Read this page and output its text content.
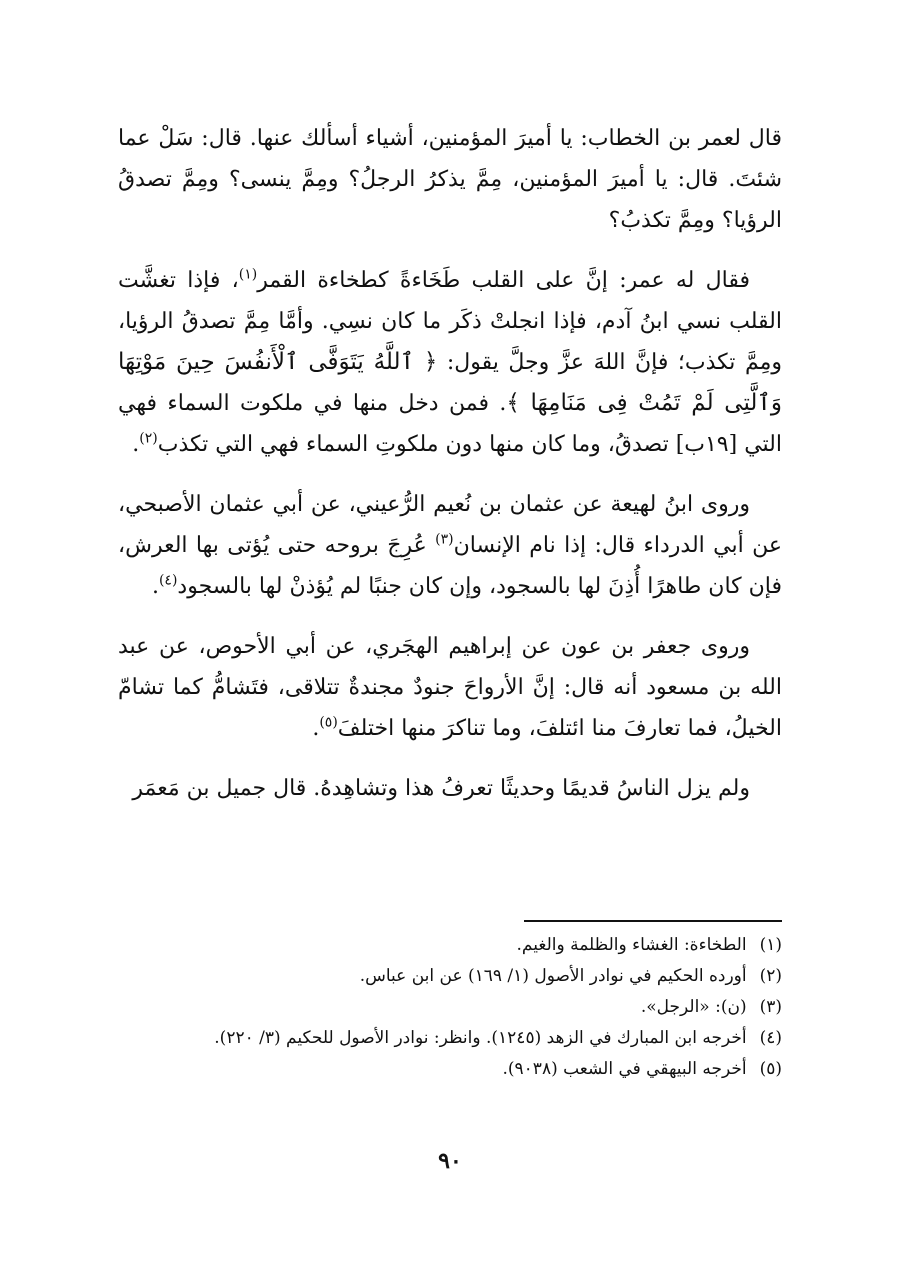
قال لعمر بن الخطاب: يا أميرَ المؤمنين، أشياء أسألك عنها. قال: سَلْ عما شئتَ. قال: يا أميرَ المؤمنين، مِمَّ يذكرُ الرجلُ؟ ومِمَّ ينسى؟ ومِمَّ تصدقُ الرؤيا؟ ومِمَّ تكذبُ؟

فقال له عمر: إنَّ على القلب طَخَاءةً كطخاءة القمر$^{(١)}$، فإذا تغشَّت القلب نسي ابنُ آدم، فإذا انجلتْ ذكَر ما كان نسِي. وأمَّا مِمَّ تصدقُ الرؤيا، ومِمَّ تكذب؛ فإنَّ اللهَ عزَّ وجلَّ يقول: ﴿ ٱللَّهُ يَتَوَفَّى ٱلْأَنفُسَ حِينَ مَوْتِهَا وَٱلَّتِى لَمْ تَمُتْ فِى مَنَامِهَا ﴾. فمن دخل منها في ملكوت السماء فهي التي [١٩ب] تصدقُ، وما كان منها دون ملكوتِ السماء فهي التي تكذب$^{(٢)}$.

وروى ابنُ لهيعة عن عثمان بن نُعيم الرُّعيني، عن أبي عثمان الأصبحي، عن أبي الدرداء قال: إذا نام الإنسان$^{(٣)}$ عُرِجَ بروحه حتى يُؤتى بها العرش، فإن كان طاهرًا أُذِنَ لها بالسجود، وإن كان جنبًا لم يُؤذنْ لها بالسجود$^{(٤)}$.

وروى جعفر بن عون عن إبراهيم الهجَري، عن أبي الأحوص، عن عبد الله بن مسعود أنه قال: إنَّ الأرواحَ جنودٌ مجندةٌ تتلاقى، فتَشامُّ كما تشامّ الخيلُ، فما تعارفَ منا ائتلفَ، وما تناكرَ منها اختلفَ$^{(٥)}$.

ولم يزل الناسُ قديمًا وحديثًا تعرفُ هذا وتشاهِدهُ. قال جميل بن مَعمَر

(١) الطخاءة: الغشاء والظلمة والغيم.

(٢) أورده الحكيم في نوادر الأصول (١/ ١٦٩) عن ابن عباس.

(٣) (ن): «الرجل».

(٤) أخرجه ابن المبارك في الزهد (١٢٤٥). وانظر: نوادر الأصول للحكيم (٣/ ٢٢٠).

(٥) أخرجه البيهقي في الشعب (٩٠٣٨).

٩٠
